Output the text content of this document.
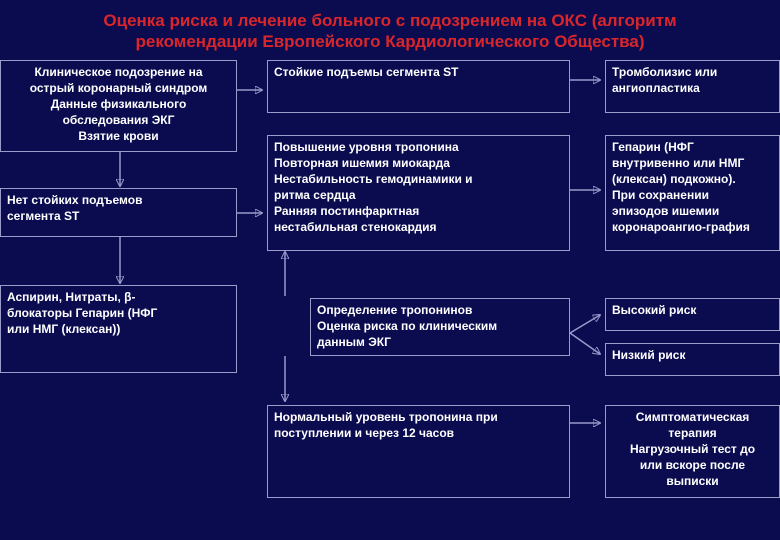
Оценка риска и лечение больного с подозрением на ОКС (алгоритм
рекомендации Европейского Кардиологического Общества)
Клиническое подозрение на
острый коронарный синдром
Данные физикального
обследования ЭКГ
Взятие крови
Нет стойких подъемов
сегмента ST
Аспирин, Нитраты, β-
блокаторы Гепарин (НФГ
или НМГ (клексан))
Стойкие подъемы сегмента ST
Повышение уровня тропонина
Повторная ишемия миокарда
Нестабильность гемодинамики и
ритма сердца
Ранняя постинфарктная
нестабильная стенокардия
Определение тропонинов
Оценка риска по клиническим
данным ЭКГ
Нормальный уровень тропонина при
поступлении и через 12 часов
Тромболизис или
ангиопластика
Гепарин (НФГ
внутривенно или НМГ
(клексан) подкожно).
При сохранении
эпизодов ишемии
коронароангио-графия
Высокий риск
Низкий риск
Симптоматическая
терапия
Нагрузочный тест до
или вскоре после
выписки
